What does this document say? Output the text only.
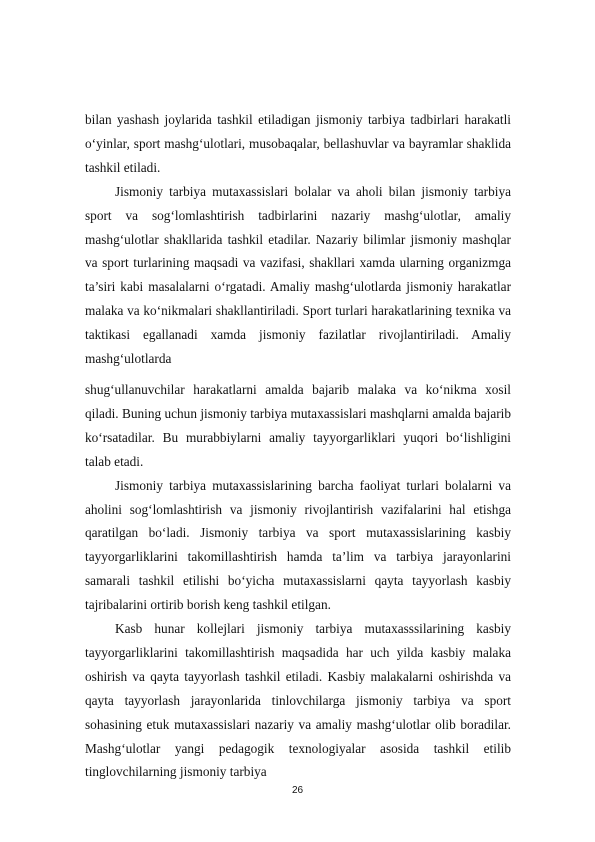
bilan yashash joylarida tashkil etiladigan jismoniy tarbiya tadbirlari harakatli o‘yinlar, sport mashg‘ulotlari, musobaqalar, bellashuvlar va bayramlar shaklida tashkil etiladi.

Jismoniy tarbiya mutaxassislari bolalar va aholi bilan jismoniy tarbiya sport va sog‘lomlashtirish tadbirlarini nazariy mashg‘ulotlar, amaliy mashg‘ulotlar shakllarida tashkil etadilar. Nazariy bilimlar jismoniy mashqlar va sport turlarining maqsadi va vazifasi, shakllari xamda ularning organizmga ta’siri kabi masalalarni o‘rgatadi. Amaliy mashg‘ulotlarda jismoniy harakatlar malaka va ko‘nikmalari shakllantiriladi. Sport turlari harakatlarining texnika va taktikasi egallanadi xamda jismoniy fazilatlar rivojlantiriladi. Amaliy mashg‘ulotlarda

shug‘ullanuvchilar harakatlarni amalda bajarib malaka va ko‘nikma xosil qiladi. Buning uchun jismoniy tarbiya mutaxassislari mashqlarni amalda bajarib ko‘rsatadilar. Bu murabbiylarni amaliy tayyorgarliklari yuqori bo‘lishligini talab etadi.

Jismoniy tarbiya mutaxassislarining barcha faoliyat turlari bolalarni va aholini sog‘lomlashtirish va jismoniy rivojlantirish vazifalarini hal etishga qaratilgan bo‘ladi. Jismoniy tarbiya va sport mutaxassislarining kasbiy tayyorgarliklarini takomillashtirish hamda ta’lim va tarbiya jarayonlarini samarali tashkil etilishi bo‘yicha mutaxassislarni qayta tayyorlash kasbiy tajribalarini ortirib borish keng tashkil etilgan.

Kasb hunar kollejlari jismoniy tarbiya mutaxasssilarining kasbiy tayyorgarliklarini takomillashtirish maqsadida har uch yilda kasbiy malaka oshirish va qayta tayyorlash tashkil etiladi. Kasbiy malakalarni oshirishda va qayta tayyorlash jarayonlarida tinlovchilarga jismoniy tarbiya va sport sohasining etuk mutaxassislari nazariy va amaliy mashg‘ulotlar olib boradilar. Mashg‘ulotlar yangi pedagogik texnologiyalar asosida tashkil etilib tinglovchilarning jismoniy tarbiya

26
